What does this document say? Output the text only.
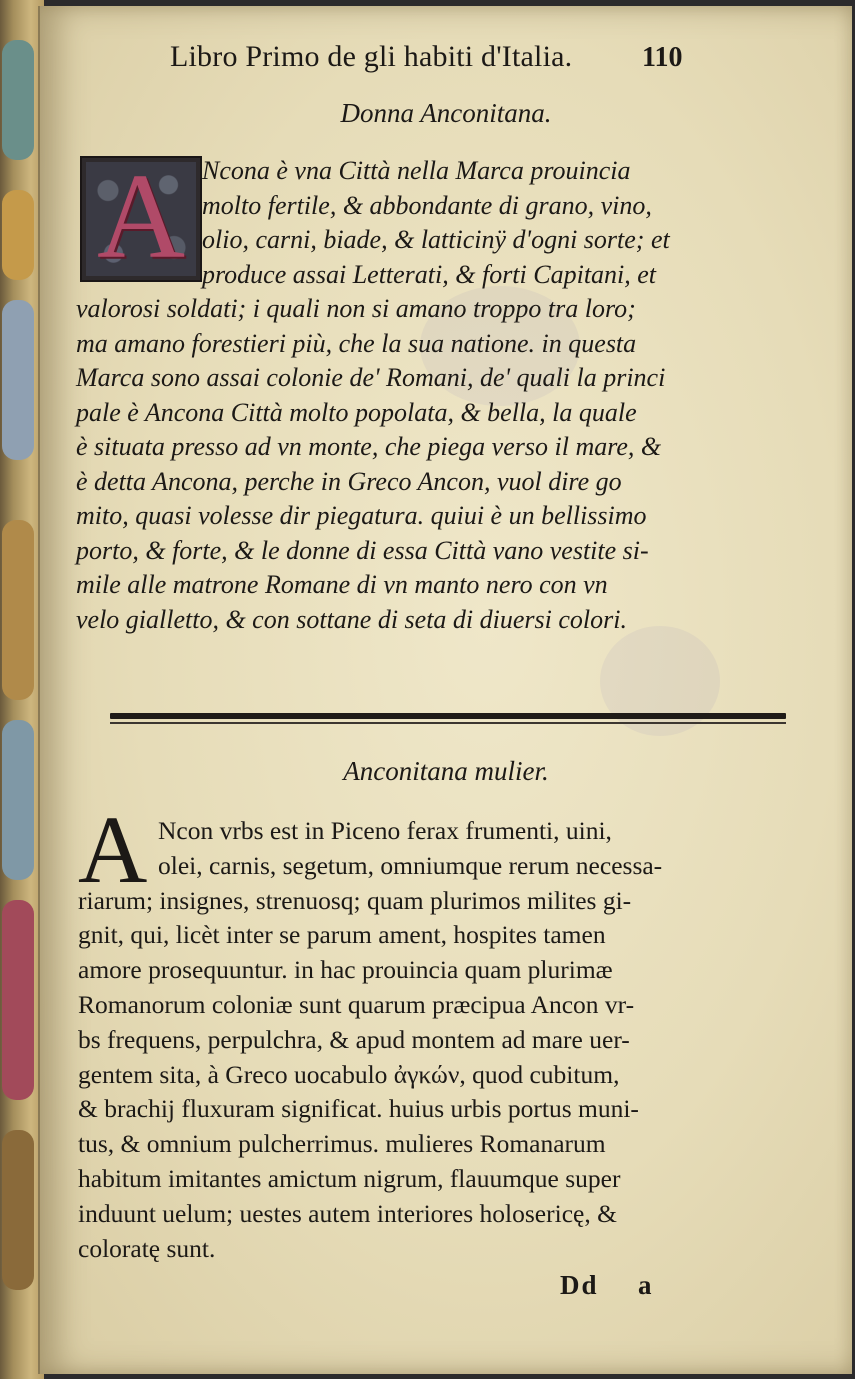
Libro Primo de gli habiti d'Italia. 110
Donna Anconitana.
A Ncona è vna Città nella Marca prouincia
molto fertile, & abbondante di grano, vino,
olio, carni, biade, & latticinÿ d'ogni sorte; et
produce assai Letterati, & forti Capitani, et
valorosi soldati; i quali non si amano troppo tra loro;
ma amano forestieri più, che la sua natione. in questa
Marca sono assai colonie de' Romani, de' quali la princi
pale è Ancona Città molto popolata, & bella, la quale
è situata presso ad vn monte, che piega verso il mare, &
è detta Ancona, perche in Greco Ancon, vuol dire go
mito, quasi volesse dir piegatura. quiui è un bellissimo
porto, & forte, & le donne di essa Città vano vestite si-
mile alle matrone Romane di vn manto nero con vn
velo gialletto, & con sottane di seta di diuersi colori.
Anconitana mulier.
A Ncon vrbs est in Piceno ferax frumenti, uini,
olei, carnis, segetum, omniumque rerum necessa-
riarum; insignes, strenuosq; quam plurimos milites gi-
gnit, qui, licèt inter se parum ament, hospites tamen
amore prosequuntur. in hac prouincia quam plurimæ
Romanorum coloniæ sunt quarum præcipua Ancon vr-
bs frequens, perpulchra, & apud montem ad mare uer-
gentem sita, à Greco uocabulo ἀγκών, quod cubitum,
& brachij fluxuram significat. huius urbis portus muni-
tus, & omnium pulcherrimus. mulieres Romanarum
habitum imitantes amictum nigrum, flauumque super
induunt uelum; uestes autem interiores holosericę, &
coloratę sunt.
Dd a
